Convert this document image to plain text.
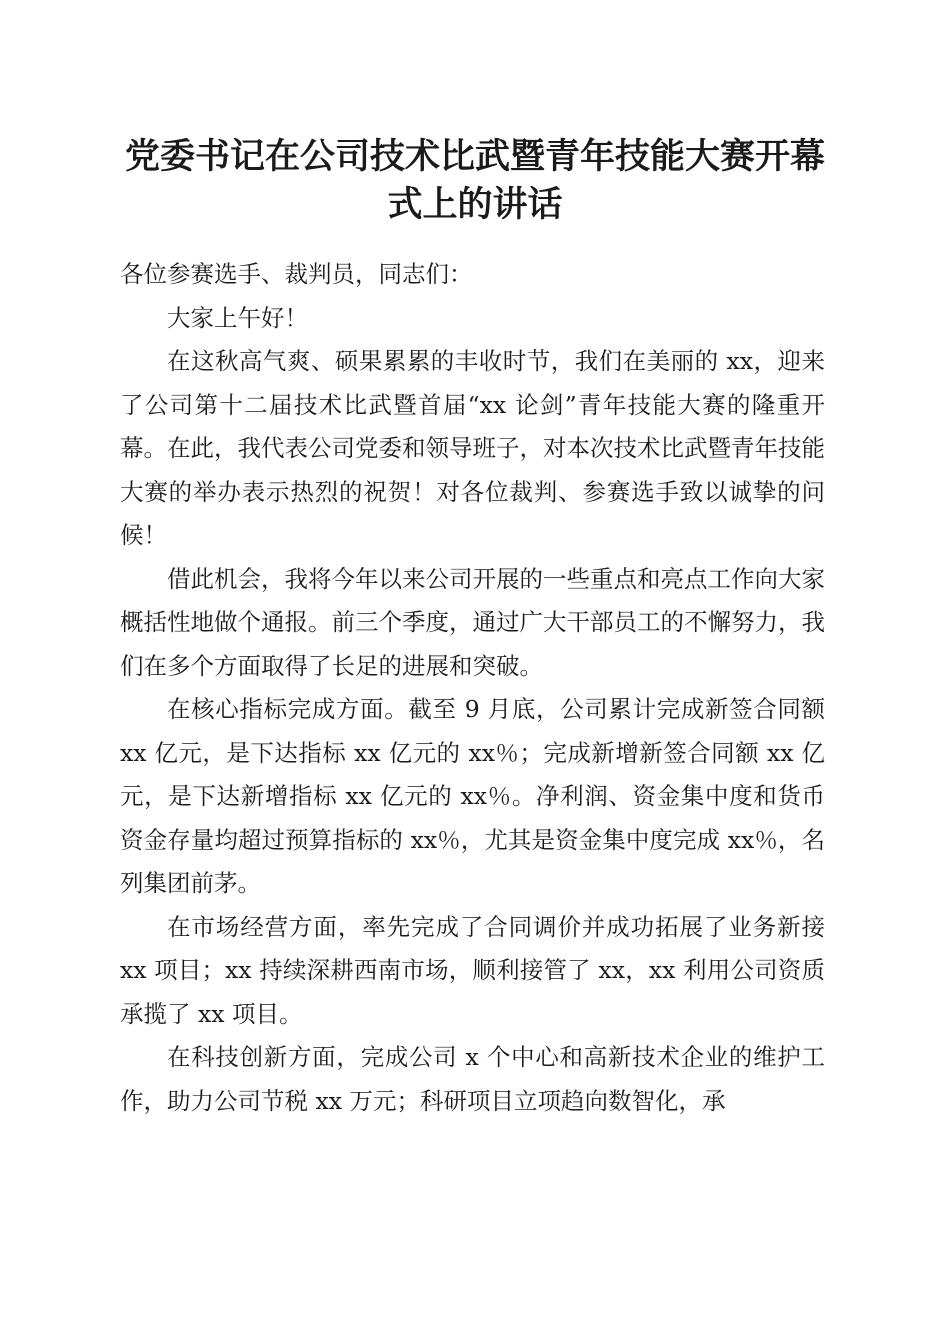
党委书记在公司技术比武暨青年技能大赛开幕
式上的讲话

各位参赛选手、裁判员，同志们：

大家上午好！

在这秋高气爽、硕果累累的丰收时节，我们在美丽的 xx，迎来了公司第十二届技术比武暨首届“xx 论剑”青年技能大赛的隆重开幕。在此，我代表公司党委和领导班子，对本次技术比武暨青年技能大赛的举办表示热烈的祝贺！对各位裁判、参赛选手致以诚挚的问候！

借此机会，我将今年以来公司开展的一些重点和亮点工作向大家概括性地做个通报。前三个季度，通过广大干部员工的不懈努力，我们在多个方面取得了长足的进展和突破。

在核心指标完成方面。截至 9 月底，公司累计完成新签合同额 xx 亿元，是下达指标 xx 亿元的 xx％；完成新增新签合同额 xx 亿元，是下达新增指标 xx 亿元的 xx％。净利润、资金集中度和货币资金存量均超过预算指标的 xx％，尤其是资金集中度完成 xx％，名列集团前茅。

在市场经营方面，率先完成了合同调价并成功拓展了业务新接 xx 项目；xx 持续深耕西南市场，顺利接管了 xx，xx 利用公司资质承揽了 xx 项目。

在科技创新方面，完成公司 x 个中心和高新技术企业的维护工作，助力公司节税 xx 万元；科研项目立项趋向数智化，承
